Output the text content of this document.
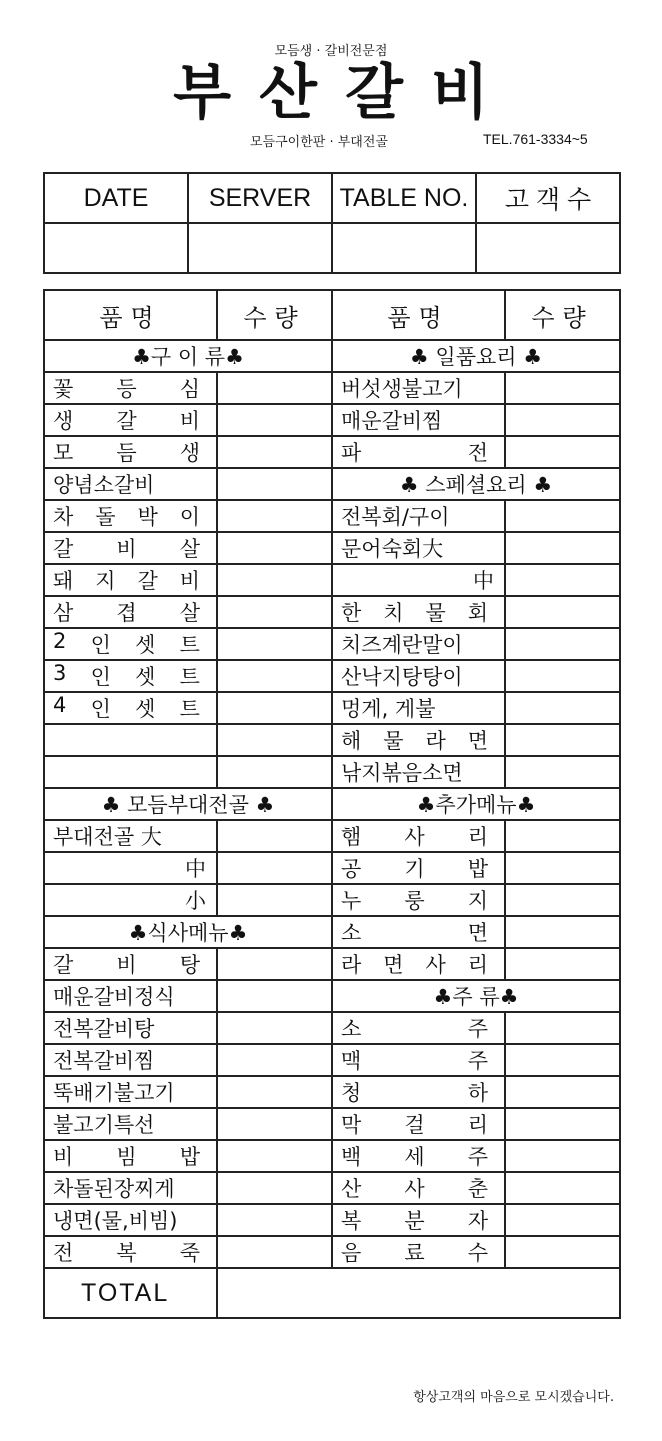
모듬생 · 갈비전문점
부산갈비
모듬구이한판 · 부대전골	TEL.761-3334~5
DATE	SERVER	TABLE NO.	고 객 수

품명	수량	품명	수량
♣구 이 류♣		♣ 일품요리 ♣	

꽃 등 심		버섯생불고기	

생 갈 비		매운갈비찜	

모 듬 생		파 전	

양념소갈비		♣ 스페셜요리 ♣	

차 돌 박 이		전복회/구이	

갈 비 살		문어숙회大	

돼 지 갈 비		中	

삼 겹 살		한 치 물 회	

2 인 셋 트		치즈계란말이	

3 인 셋 트		산낙지탕탕이	

4 인 셋 트		멍게, 게불	

		해 물 라 면	

		낚지볶음소면	
♣ 모듬부대전골 ♣		♣추가메뉴♣	
부대전골 大		햄 사 리	

中		공 기 밥	

小		누 룽 지	

♣식사메뉴♣		소 면	

갈 비 탕		라 면 사 리	

매운갈비정식		♣주 류♣	
전복갈비탕		소 주	

전복갈비찜		맥 주	

뚝배기불고기		청 하	

불고기특선		막 걸 리	

비 빔 밥		백 세 주	

차돌된장찌게		산 사 춘	

냉면(물,비빔)		복 분 자	

전 복 죽		음 료 수	

TOTAL			
항상고객의 마음으로 모시겠습니다.
